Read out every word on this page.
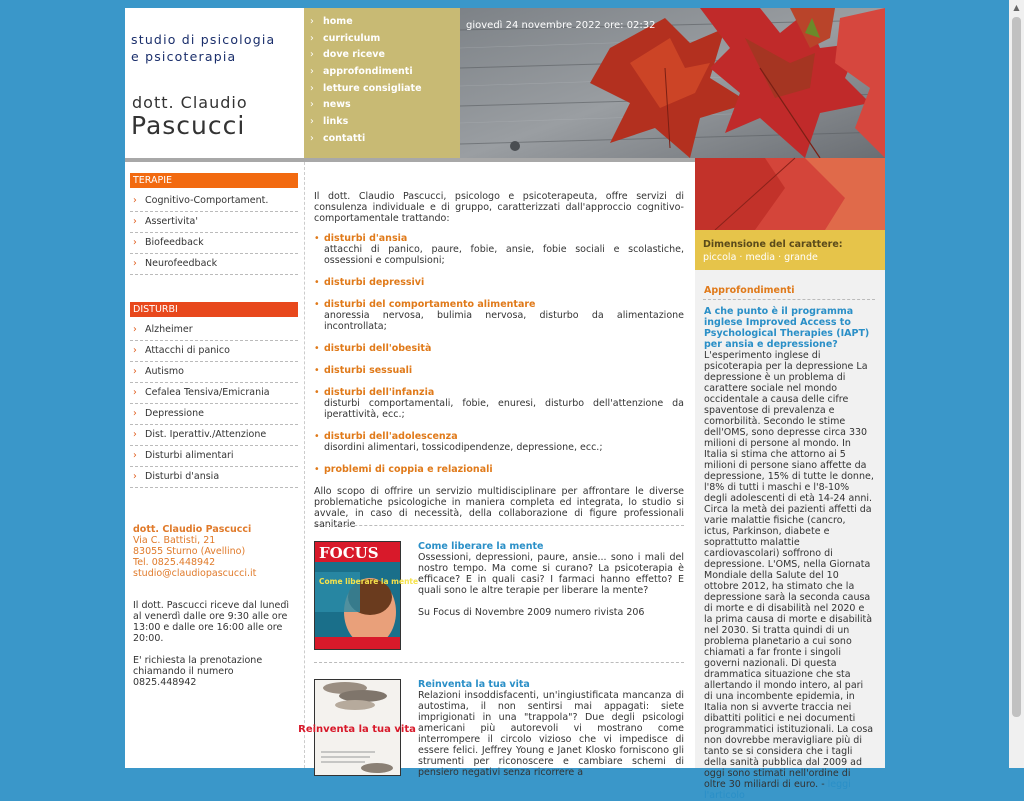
studio di psicologia
e psicoterapia
dott. Claudio
Pascucci
› home
› curriculum
› dove riceve
› approfondimenti
› letture consigliate
› news
› links
› contatti
giovedì 24 novembre 2022 ore: 02:32
TERAPIE
› Cognitivo-Comportament.
› Assertivita'
› Biofeedback
› Neurofeedback
DISTURBI
› Alzheimer
› Attacchi di panico
› Autismo
› Cefalea Tensiva/Emicrania
› Depressione
› Dist. Iperattiv./Attenzione
› Disturbi alimentari
› Disturbi d'ansia
dott. Claudio Pascucci
Via C. Battisti, 21
83055 Sturno (Avellino)
Tel. 0825.448942
studio@claudiopascucci.it
Il dott. Pascucci riceve dal lunedì al venerdì dalle ore 9:30 alle ore 13:00 e dalle ore 16:00 alle ore 20:00.
E' richiesta la prenotazione chiamando il numero 0825.448942
Il dott. Claudio Pascucci, psicologo e psicoterapeuta, offre servizi di consulenza individuale e di gruppo, caratterizzati dall'approccio cognitivo-comportamentale trattando:
• disturbi d'ansia
attacchi di panico, paure, fobie, ansie, fobie sociali e scolastiche, ossessioni e compulsioni;
• disturbi depressivi
• disturbi del comportamento alimentare
anoressia nervosa, bulimia nervosa, disturbo da alimentazione incontrollata;
• disturbi dell'obesità
• disturbi sessuali
• disturbi dell'infanzia
disturbi comportamentali, fobie, enuresi, disturbo dell'attenzione da iperattività, ecc.;
• disturbi dell'adolescenza
disordini alimentari, tossicodipendenze, depressione, ecc.;
• problemi di coppia e relazionali
Allo scopo di offrire un servizio multidisciplinare per affrontare le diverse problematiche psicologiche in maniera completa ed integrata, lo studio si avvale, in caso di necessità, della collaborazione di figure professionali sanitarie
FOCUS
Come liberare la mente
Come liberare la mente
Ossessioni, depressioni, paure, ansie... sono i mali del nostro tempo. Ma come si curano? La psicoterapia è efficace? E in quali casi? I farmaci hanno effetto? E quali sono le altre terapie per liberare la mente?
Su Focus di Novembre 2009 numero rivista 206
Reinventa la tua vita
Reinventa la tua vita
Relazioni insoddisfacenti, un'ingiustificata mancanza di autostima, il non sentirsi mai appagati: siete imprigionati in una "trappola"? Due degli psicologi americani più autorevoli vi mostrano come interrompere il circolo vizioso che vi impedisce di essere felici. Jeffrey Young e Janet Klosko forniscono gli strumenti per riconoscere e cambiare schemi di pensiero negativi senza ricorrere a
Dimensione del carattere:
piccola · media · grande
Approfondimenti
A che punto è il programma inglese Improved Access to Psychological Therapies (IAPT) per ansia e depressione?
L'esperimento inglese di psicoterapia per la depressione La depressione è un problema di carattere sociale nel mondo occidentale a causa delle cifre spaventose di prevalenza e comorbilità. Secondo le stime dell'OMS, sono depresse circa 330 milioni di persone al mondo. In Italia si stima che attorno ai 5 milioni di persone siano affette da depressione, 15% di tutte le donne, l'8% di tutti i maschi e l'8-10% degli adolescenti di età 14-24 anni. Circa la metà dei pazienti affetti da varie malattie fisiche (cancro, ictus, Parkinson, diabete e soprattutto malattie cardiovascolari) soffrono di depressione. L'OMS, nella Giornata Mondiale della Salute del 10 ottobre 2012, ha stimato che la depressione sarà la seconda causa di morte e di disabilità nel 2020 e la prima causa di morte e disabilità nel 2030. Si tratta quindi di un problema planetario a cui sono chiamati a far fronte i singoli governi nazionali. Di questa drammatica situazione che sta allertando il mondo intero, al pari di una incombente epidemia, in Italia non si avverte traccia nei dibattiti politici e nei documenti programmatici istituzionali. La cosa non dovrebbe meravigliare più di tanto se si considera che i tagli della sanità pubblica dal 2009 ad oggi sono stimati nell'ordine di oltre 30 miliardi di euro. - leggi l'articolo
▲
